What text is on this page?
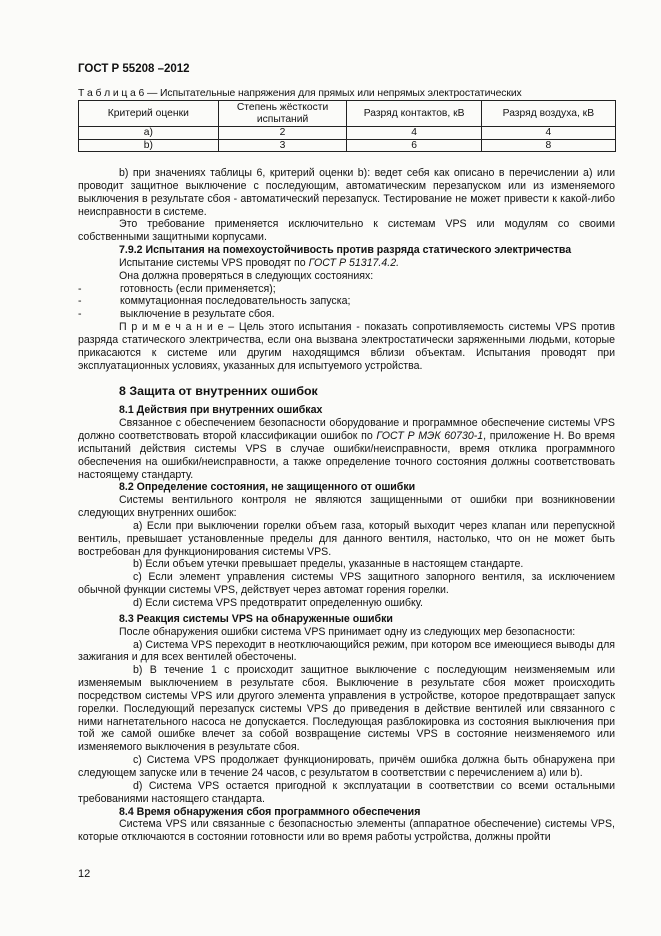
ГОСТ Р 55208 –2012
Т а б л и ц а 6 — Испытательные напряжения для прямых или непрямых электростатических
Критерий оценки	Степень жёсткости испытаний	Разряд контактов, кВ	Разряд воздуха, кВ
a)	2	4	4
b)	3	6	8

b) при значениях таблицы 6, критерий оценки b): ведет себя как описано в перечислении а) или проводит защитное выключение с последующим, автоматическим перезапуском или из изменяемого выключения в результате сбоя - автоматический перезапуск. Тестирование не может привести к какой-либо неисправности в системе.

Это требование применяется исключительно к системам VPS или модулям со своими собственными защитными корпусами.

7.9.2 Испытания на помехоустойчивость против разряда статического электричества

Испытание системы VPS проводят по ГОСТ Р 51317.4.2.

Она должна проверяться в следующих состояниях:

-	готовность (если применяется);

-	коммутационная последовательность запуска;

-	выключение в результате сбоя.

П р и м е ч а н и е – Цель этого испытания - показать сопротивляемость системы VPS против разряда статического электричества, если она вызвана электростатически заряженными людьми, которые прикасаются к системе или другим находящимся вблизи объектам. Испытания проводят при эксплуатационных условиях, указанных для испытуемого устройства.

8 Защита от внутренних ошибок

8.1 Действия при внутренних ошибках

Связанное с обеспечением безопасности оборудование и программное обеспечение системы VPS должно соответствовать второй классификации ошибок по ГОСТ Р МЭК 60730-1, приложение Н. Во время испытаний действия системы VPS в случае ошибки/неисправности, время отклика программного обеспечения на ошибки/неисправности, а также определение точного состояния должны соответствовать настоящему стандарту.

8.2 Определение состояния, не защищенного от ошибки

Системы вентильного контроля не являются защищенными от ошибки при возникновении следующих внутренних ошибок:

а) Если при выключении горелки объем газа, который выходит через клапан или перепускной вентиль, превышает установленные пределы для данного вентиля, настолько, что он не может быть востребован для функционирования системы VPS.

b) Если объем утечки превышает пределы, указанные в настоящем стандарте.

c) Если элемент управления системы VPS защитного запорного вентиля, за исключением обычной функции системы VPS, действует через автомат горения горелки.

d) Если система VPS предотвратит определенную ошибку.

8.3 Реакция системы VPS на обнаруженные ошибки

После обнаружения ошибки система VPS принимает одну из следующих мер безопасности:

а) Система VPS переходит в неотключающийся режим, при котором все имеющиеся выводы для зажигания и для всех вентилей обесточены.

b) В течение 1 с происходит защитное выключение с последующим неизменяемым или изменяемым выключением в результате сбоя. Выключение в результате сбоя может происходить посредством системы VPS или другого элемента управления в устройстве, которое предотвращает запуск горелки. Последующий перезапуск системы VPS до приведения в действие вентилей или связанного с ними нагнетательного насоса не допускается. Последующая разблокировка из состояния выключения при той же самой ошибке влечет за собой возвращение системы VPS в состояние неизменяемого или изменяемого выключения в результате сбоя.

с) Система VPS продолжает функционировать, причём ошибка должна быть обнаружена при следующем запуске или в течение 24 часов, с результатом в соответствии с перечислением а) или b).

d) Система VPS остается пригодной к эксплуатации в соответствии со всеми остальными требованиями настоящего стандарта.

8.4 Время обнаружения сбоя программного обеспечения

Система VPS или связанные с безопасностью элементы (аппаратное обеспечение) системы VPS, которые отключаются в состоянии готовности или во время работы устройства, должны пройти

12
